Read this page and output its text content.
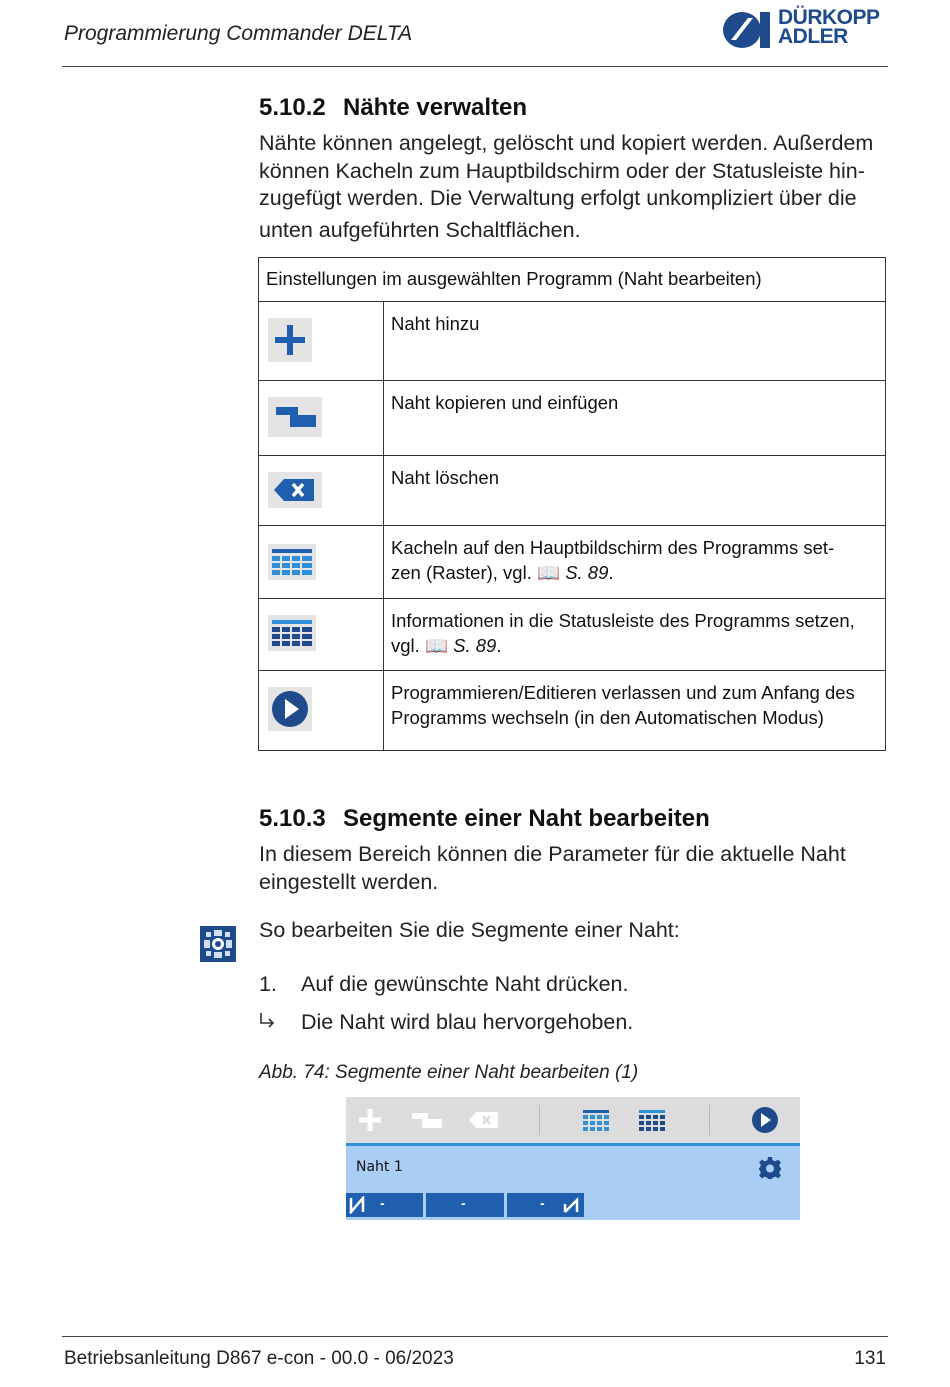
Programmierung Commander DELTA
DÜRKOPP
ADLER
5.10.2 Nähte verwalten
Nähte können angelegt, gelöscht und kopiert werden. Außerdem
können Kacheln zum Hauptbildschirm oder der Statusleiste hin-
zugefügt werden. Die Verwaltung erfolgt unkompliziert über die
unten aufgeführten Schaltflächen.
Einstellungen im ausgewählten Programm (Naht bearbeiten)	

Naht hinzu

Naht kopieren und einfügen

Naht löschen

Kacheln auf den Hauptbildschirm des Programms set-
zen (Raster), vgl. 📖 S. 89.

Informationen in die Statusleiste des Programms setzen,
vgl. 📖 S. 89.

Programmieren/Editieren verlassen und zum Anfang des
Programms wechseln (in den Automatischen Modus)
5.10.3 Segmente einer Naht bearbeiten
In diesem Bereich können die Parameter für die aktuelle Naht
eingestellt werden.
So bearbeiten Sie die Segmente einer Naht:
1. Auf die gewünschte Naht drücken.
Die Naht wird blau hervorgehoben.
Abb. 74: Segmente einer Naht bearbeiten (1)
Naht 1
-	-	-
Betriebsanleitung D867 e-con - 00.0 - 06/2023	131
